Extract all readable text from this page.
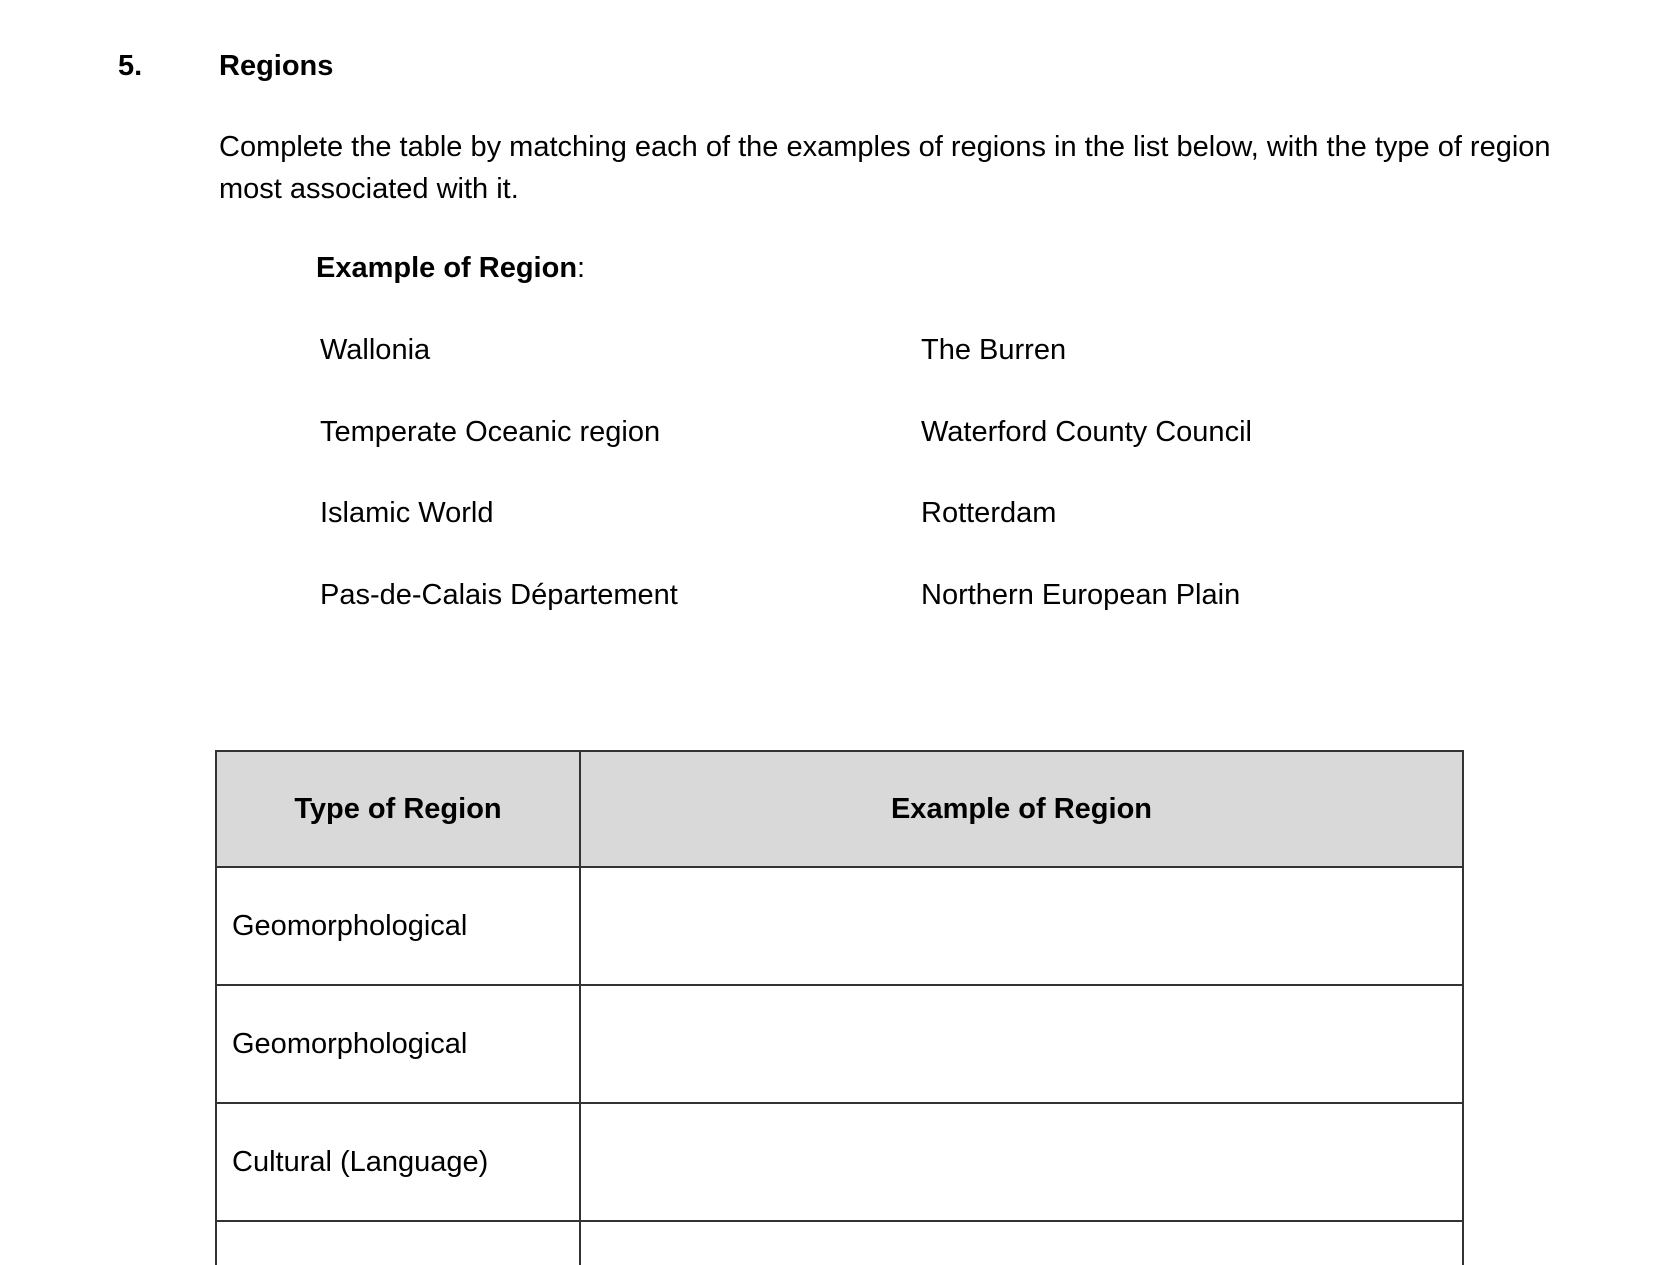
5.	Regions
Complete the table by matching each of the examples of regions in the list below, with the type of region most associated with it.
Example of Region:
Wallonia
Temperate Oceanic region
Islamic World
Pas-de-Calais Département
The Burren
Waterford County Council
Rotterdam
Northern European Plain
Type of Region	Example of Region
Geomorphological	
Geomorphological	
Cultural (Language)	
